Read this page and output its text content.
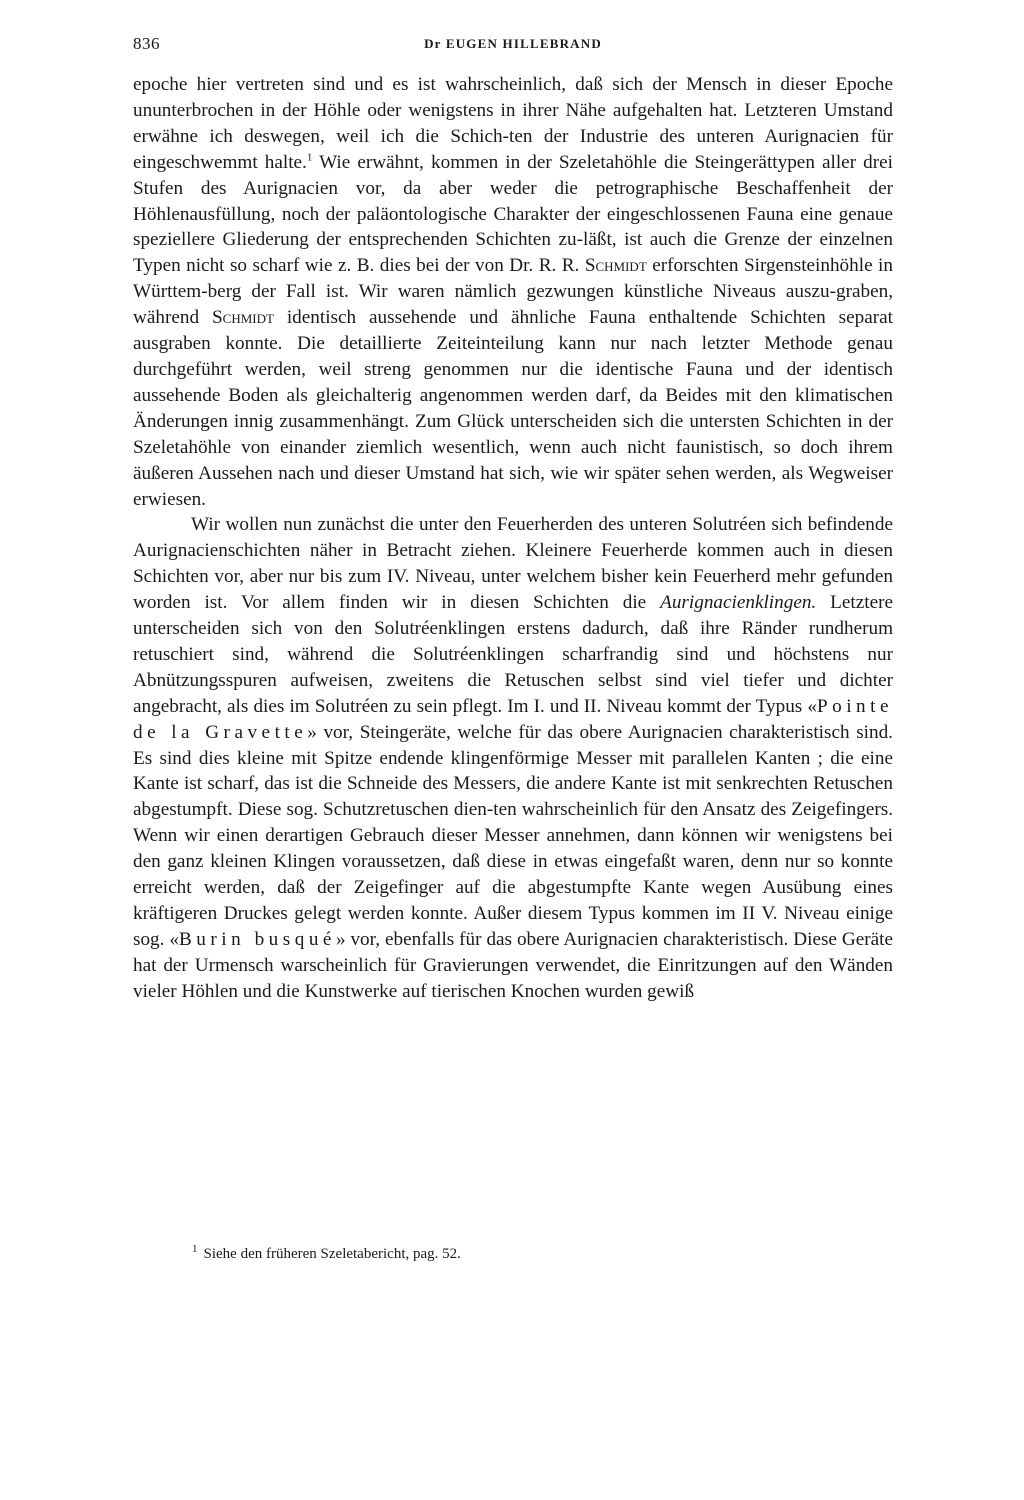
836	Dr EUGEN HILLEBRAND

epoche hier vertreten sind und es ist wahrscheinlich, daß sich der Mensch in dieser Epoche ununterbrochen in der Höhle oder wenigstens in ihrer Nähe aufgehalten hat. Letzteren Umstand erwähne ich deswegen, weil ich die Schich-ten der Industrie des unteren Aurignacien für eingeschwemmt halte.$^1$ Wie erwähnt, kommen in der Szeletahöhle die Steingerättypen aller drei Stufen des Aurignacien vor, da aber weder die petrographische Beschaffenheit der Höhlenausfüllung, noch der paläontologische Charakter der eingeschlossenen Fauna eine genaue speziellere Gliederung der entsprechenden Schichten zu-läßt, ist auch die Grenze der einzelnen Typen nicht so scharf wie z. B. dies bei der von Dr. R. R. Schmidt erforschten Sirgensteinhöhle in Württem-berg der Fall ist. Wir waren nämlich gezwungen künstliche Niveaus auszu-graben, während Schmidt identisch aussehende und ähnliche Fauna enthaltende Schichten separat ausgraben konnte. Die detaillierte Zeiteinteilung kann nur nach letzter Methode genau durchgeführt werden, weil streng genommen nur die identische Fauna und der identisch aussehende Boden als gleichalterig angenommen werden darf, da Beides mit den klimatischen Änderungen innig zusammenhängt. Zum Glück unterscheiden sich die untersten Schichten in der Szeletahöhle von einander ziemlich wesentlich, wenn auch nicht faunistisch, so doch ihrem äußeren Aussehen nach und dieser Umstand hat sich, wie wir später sehen werden, als Wegweiser erwiesen.

Wir wollen nun zunächst die unter den Feuerherden des unteren Solutréen sich befindende Aurignacienschichten näher in Betracht ziehen. Kleinere Feuerherde kommen auch in diesen Schichten vor, aber nur bis zum IV. Niveau, unter welchem bisher kein Feuerherd mehr gefunden worden ist. Vor allem finden wir in diesen Schichten die Aurignacienklingen. Letztere unterscheiden sich von den Solutréenklingen erstens dadurch, daß ihre Ränder rundherum retuschiert sind, während die Solutréenklingen scharfrandig sind und höchstens nur Abnützungsspuren aufweisen, zweitens die Retuschen selbst sind viel tiefer und dichter angebracht, als dies im Solutréen zu sein pflegt. Im I. und II. Niveau kommt der Typus «Pointe de la Gravette» vor, Steingeräte, welche für das obere Aurignacien charakteristisch sind. Es sind dies kleine mit Spitze endende klingenförmige Messer mit parallelen Kanten ; die eine Kante ist scharf, das ist die Schneide des Messers, die andere Kante ist mit senkrechten Retuschen abgestumpft. Diese sog. Schutzretuschen dien-ten wahrscheinlich für den Ansatz des Zeigefingers. Wenn wir einen derartigen Gebrauch dieser Messer annehmen, dann können wir wenigstens bei den ganz kleinen Klingen voraussetzen, daß diese in etwas eingefaßt waren, denn nur so konnte erreicht werden, daß der Zeigefinger auf die abgestumpfte Kante wegen Ausübung eines kräftigeren Druckes gelegt werden konnte. Außer diesem Typus kommen im II V. Niveau einige sog. «Burin busqué» vor, ebenfalls für das obere Aurignacien charakteristisch. Diese Geräte hat der Urmensch warscheinlich für Gravierungen verwendet, die Einritzungen auf den Wänden vieler Höhlen und die Kunstwerke auf tierischen Knochen wurden gewiß

$^1$ Siehe den früheren Szeletabericht, pag. 52.
